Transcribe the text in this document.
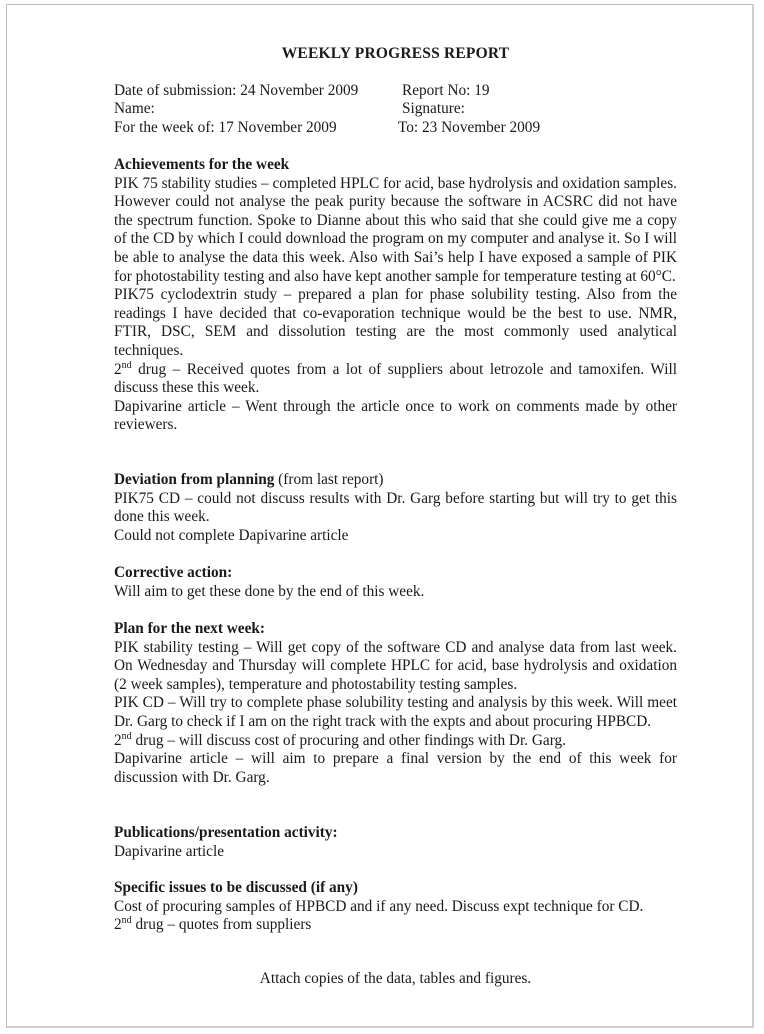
WEEKLY PROGRESS REPORT
Date of submission: 24 November 2009	Report No: 19
Name:	Signature:
For the week of: 17 November 2009	To: 23 November 2009

Achievements for the week

PIK 75 stability studies – completed HPLC for acid, base hydrolysis and oxidation samples. However could not analyse the peak purity because the software in ACSRC did not have the spectrum function. Spoke to Dianne about this who said that she could give me a copy of the CD by which I could download the program on my computer and analyse it. So I will be able to analyse the data this week. Also with Sai’s help I have exposed a sample of PIK for photostability testing and also have kept another sample for temperature testing at 60°C.

PIK75 cyclodextrin study – prepared a plan for phase solubility testing. Also from the readings I have decided that co-evaporation technique would be the best to use. NMR, FTIR, DSC, SEM and dissolution testing are the most commonly used analytical techniques.

2nd drug – Received quotes from a lot of suppliers about letrozole and tamoxifen. Will discuss these this week.

Dapivarine article – Went through the article once to work on comments made by other reviewers.

Deviation from planning (from last report)

PIK75 CD – could not discuss results with Dr. Garg before starting but will try to get this done this week.

Could not complete Dapivarine article

Corrective action:

Will aim to get these done by the end of this week.

Plan for the next week:

PIK stability testing – Will get copy of the software CD and analyse data from last week. On Wednesday and Thursday will complete HPLC for acid, base hydrolysis and oxidation (2 week samples), temperature and photostability testing samples.

PIK CD – Will try to complete phase solubility testing and analysis by this week. Will meet Dr. Garg to check if I am on the right track with the expts and about procuring HPBCD.

2nd drug – will discuss cost of procuring and other findings with Dr. Garg.

Dapivarine article – will aim to prepare a final version by the end of this week for discussion with Dr. Garg.

Publications/presentation activity:

Dapivarine article

Specific issues to be discussed (if any)

Cost of procuring samples of HPBCD and if any need. Discuss expt technique for CD.

2nd drug – quotes from suppliers

Attach copies of the data, tables and figures.
